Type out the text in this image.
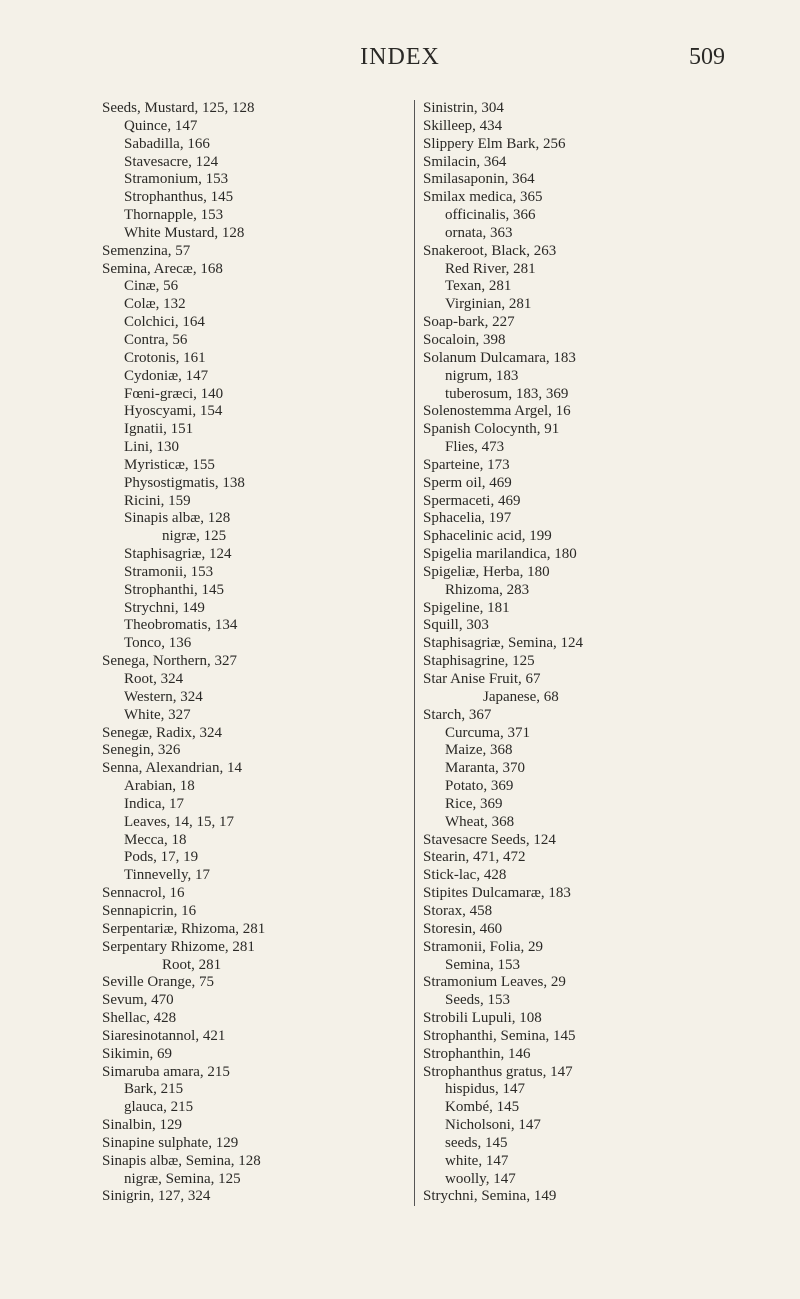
INDEX	509
Seeds, Mustard, 125, 128
Quince, 147
Sabadilla, 166
Stavesacre, 124
Stramonium, 153
Strophanthus, 145
Thornapple, 153
White Mustard, 128
Semenzina, 57
Semina, Arecæ, 168
Cinæ, 56
Colæ, 132
Colchici, 164
Contra, 56
Crotonis, 161
Cydoniæ, 147
Fœni-græci, 140
Hyoscyami, 154
Ignatii, 151
Lini, 130
Myristicæ, 155
Physostigmatis, 138
Ricini, 159
Sinapis albæ, 128
nigræ, 125
Staphisagriæ, 124
Stramonii, 153
Strophanthi, 145
Strychni, 149
Theobromatis, 134
Tonco, 136
Senega, Northern, 327
Root, 324
Western, 324
White, 327
Senegæ, Radix, 324
Senegin, 326
Senna, Alexandrian, 14
Arabian, 18
Indica, 17
Leaves, 14, 15, 17
Mecca, 18
Pods, 17, 19
Tinnevelly, 17
Sennacrol, 16
Sennapicrin, 16
Serpentariæ, Rhizoma, 281
Serpentary Rhizome, 281
Root, 281
Seville Orange, 75
Sevum, 470
Shellac, 428
Siaresinotannol, 421
Sikimin, 69
Simaruba amara, 215
Bark, 215
glauca, 215
Sinalbin, 129
Sinapine sulphate, 129
Sinapis albæ, Semina, 128
nigræ, Semina, 125
Sinigrin, 127, 324
Sinistrin, 304
Skilleep, 434
Slippery Elm Bark, 256
Smilacin, 364
Smilasaponin, 364
Smilax medica, 365
officinalis, 366
ornata, 363
Snakeroot, Black, 263
Red River, 281
Texan, 281
Virginian, 281
Soap-bark, 227
Socaloin, 398
Solanum Dulcamara, 183
nigrum, 183
tuberosum, 183, 369
Solenostemma Argel, 16
Spanish Colocynth, 91
Flies, 473
Sparteine, 173
Sperm oil, 469
Spermaceti, 469
Sphacelia, 197
Sphacelinic acid, 199
Spigelia marilandica, 180
Spigeliæ, Herba, 180
Rhizoma, 283
Spigeline, 181
Squill, 303
Staphisagriæ, Semina, 124
Staphisagrine, 125
Star Anise Fruit, 67
Japanese, 68
Starch, 367
Curcuma, 371
Maize, 368
Maranta, 370
Potato, 369
Rice, 369
Wheat, 368
Stavesacre Seeds, 124
Stearin, 471, 472
Stick-lac, 428
Stipites Dulcamaræ, 183
Storax, 458
Storesin, 460
Stramonii, Folia, 29
Semina, 153
Stramonium Leaves, 29
Seeds, 153
Strobili Lupuli, 108
Strophanthi, Semina, 145
Strophanthin, 146
Strophanthus gratus, 147
hispidus, 147
Kombé, 145
Nicholsoni, 147
seeds, 145
white, 147
woolly, 147
Strychni, Semina, 149
